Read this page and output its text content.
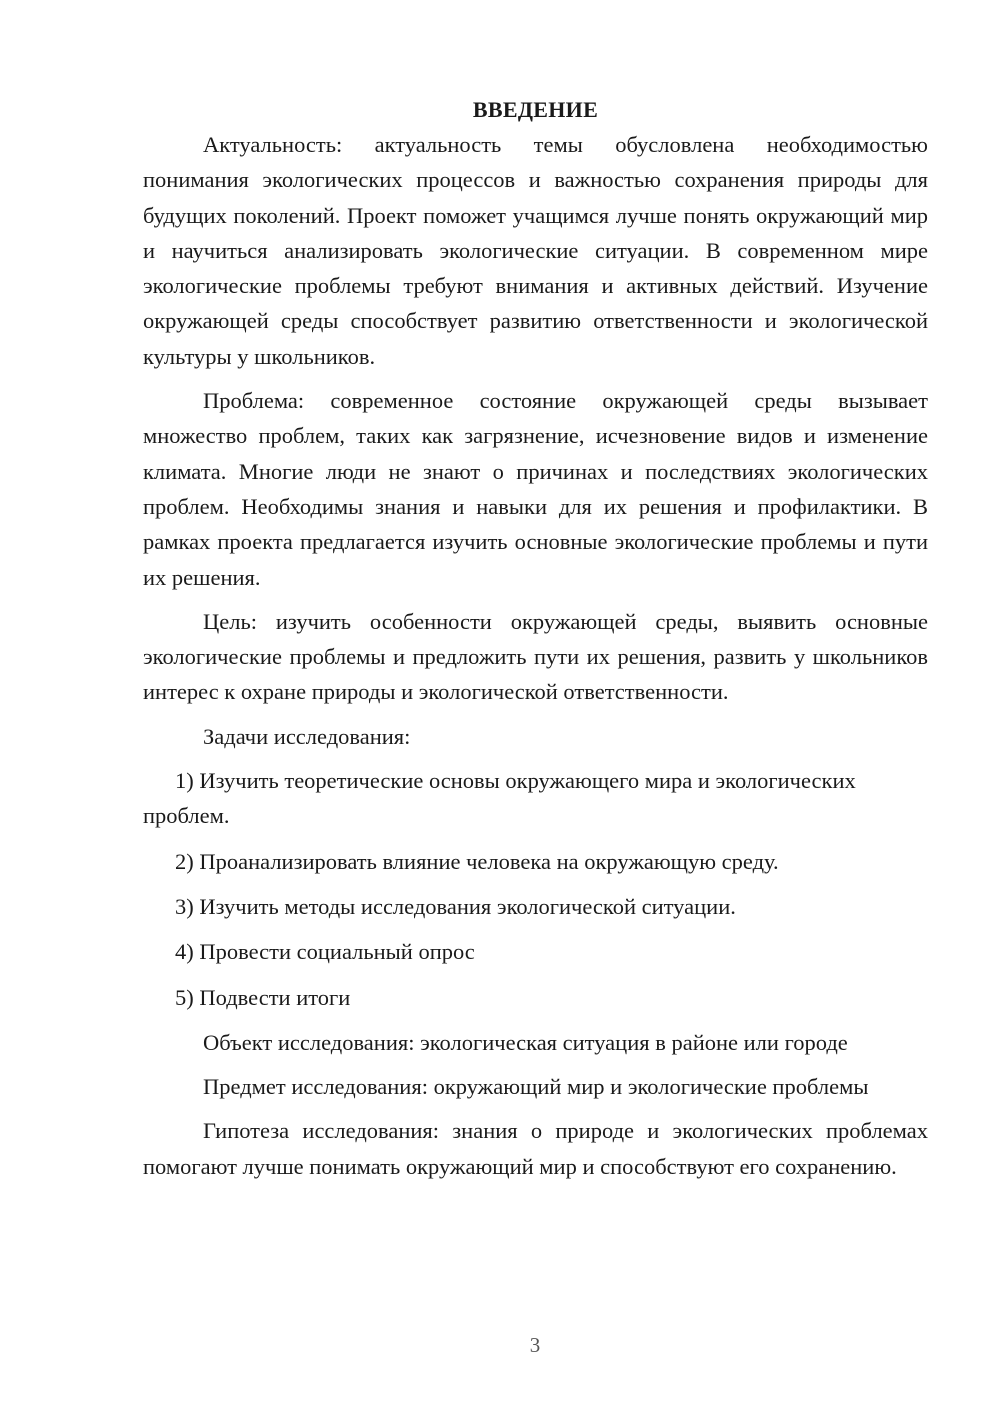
ВВЕДЕНИЕ

Актуальность: актуальность темы обусловлена необходимостью понимания экологических процессов и важностью сохранения природы для будущих поколений. Проект поможет учащимся лучше понять окружающий мир и научиться анализировать экологические ситуации. В современном мире экологические проблемы требуют внимания и активных действий. Изучение окружающей среды способствует развитию ответственности и экологической культуры у школьников.

Проблема: современное состояние окружающей среды вызывает множество проблем, таких как загрязнение, исчезновение видов и изменение климата. Многие люди не знают о причинах и последствиях экологических проблем. Необходимы знания и навыки для их решения и профилактики. В рамках проекта предлагается изучить основные экологические проблемы и пути их решения.

Цель: изучить особенности окружающей среды, выявить основные экологические проблемы и предложить пути их решения, развить у школьников интерес к охране природы и экологической ответственности.

Задачи исследования:

1) Изучить теоретические основы окружающего мира и экологических проблем.

2) Проанализировать влияние человека на окружающую среду.

3) Изучить методы исследования экологической ситуации.

4) Провести социальный опрос

5) Подвести итоги

Объект исследования: экологическая ситуация в районе или городе

Предмет исследования: окружающий мир и экологические проблемы

Гипотеза исследования: знания о природе и экологических проблемах помогают лучше понимать окружающий мир и способствуют его сохранению.

3
